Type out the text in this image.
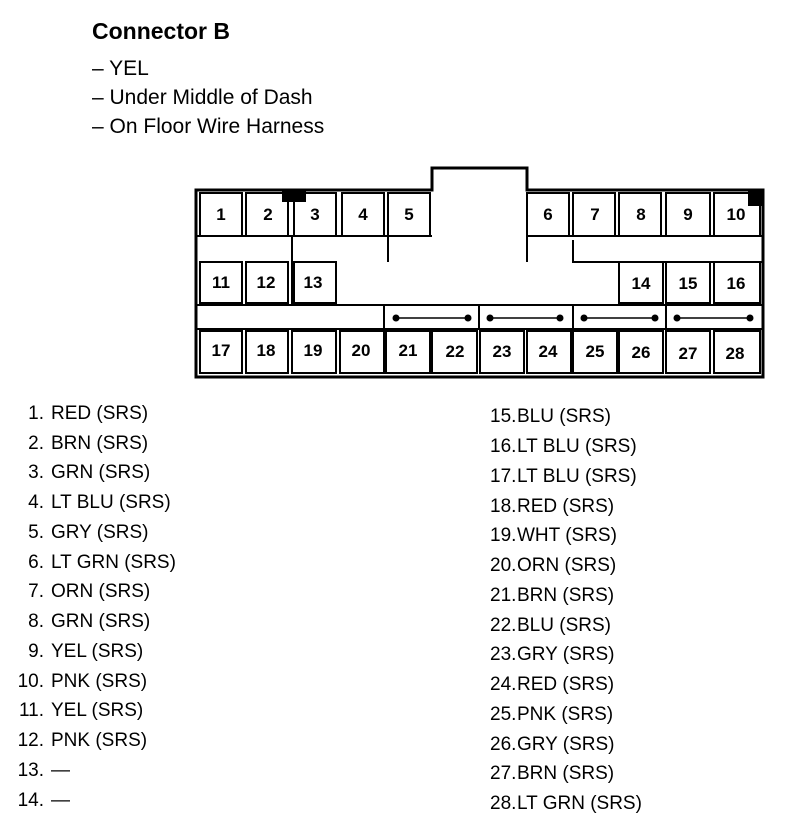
Connector B
– YEL
– Under Middle of Dash
– On Floor Wire Harness
1 2 3 4 5	6 7 8 9 10
11 12 13	14 15 16
17 18 19 20 21 22 23 24 25 26 27 28
1. RED (SRS)
2. BRN (SRS)
3. GRN (SRS)
4. LT BLU (SRS)
5. GRY (SRS)
6. LT GRN (SRS)
7. ORN (SRS)
8. GRN (SRS)
9. YEL (SRS)
10. PNK (SRS)
11. YEL (SRS)
12. PNK (SRS)
13. —
14. —
15.BLU (SRS)
16.LT BLU (SRS)
17.LT BLU (SRS)
18.RED (SRS)
19.WHT (SRS)
20.ORN (SRS)
21.BRN (SRS)
22.BLU (SRS)
23.GRY (SRS)
24.RED (SRS)
25.PNK (SRS)
26.GRY (SRS)
27.BRN (SRS)
28.LT GRN (SRS)
